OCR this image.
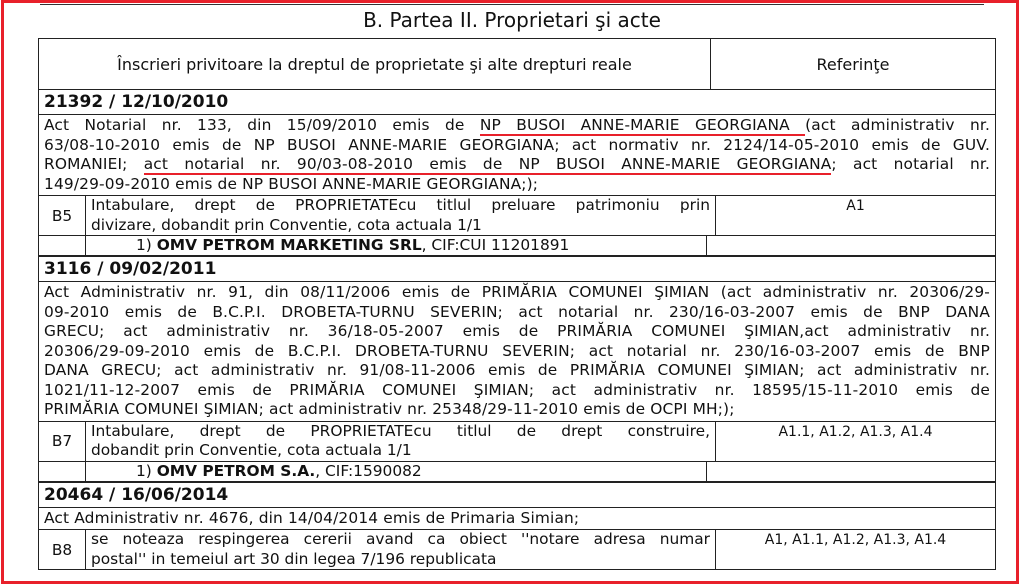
B. Partea II. Proprietari şi acte
Înscrieri privitoare la dreptul de proprietate şi alte drepturi reale	Referinţe
21392 / 12/10/2010
Act Notarial nr. 133, din 15/09/2010 emis de NP BUSOI ANNE-MARIE GEORGIANA (act administrativ nr.
63/08-10-2010 emis de NP BUSOI ANNE-MARIE GEORGIANA; act normativ nr. 2124/14-05-2010 emis de GUV.
ROMANIEI; act notarial nr. 90/03-08-2010 emis de NP BUSOI ANNE-MARIE GEORGIANA; act notarial nr.
149/29-09-2010 emis de NP BUSOI ANNE-MARIE GEORGIANA;);
B5
Intabulare, drept de PROPRIETATEcu titlul preluare patrimoniu prin
divizare, dobandit prin Conventie, cota actuala 1/1
A1
1) OMV PETROM MARKETING SRL, CIF:CUI 11201891
3116 / 09/02/2011
Act Administrativ nr. 91, din 08/11/2006 emis de PRIMĂRIA COMUNEI ŞIMIAN (act administrativ nr. 20306/29-
09-2010 emis de B.C.P.I. DROBETA-TURNU SEVERIN; act notarial nr. 230/16-03-2007 emis de BNP DANA
GRECU; act administrativ nr. 36/18-05-2007 emis de PRIMĂRIA COMUNEI ŞIMIAN,act administrativ nr.
20306/29-09-2010 emis de B.C.P.I. DROBETA-TURNU SEVERIN; act notarial nr. 230/16-03-2007 emis de BNP
DANA GRECU; act administrativ nr. 91/08-11-2006 emis de PRIMĂRIA COMUNEI ŞIMIAN; act administrativ nr.
1021/11-12-2007 emis de PRIMĂRIA COMUNEI ŞIMIAN; act administrativ nr. 18595/15-11-2010 emis de
PRIMĂRIA COMUNEI ŞIMIAN; act administrativ nr. 25348/29-11-2010 emis de OCPI MH;);
B7
Intabulare, drept de PROPRIETATEcu titlul de drept construire,
dobandit prin Conventie, cota actuala 1/1
A1.1, A1.2, A1.3, A1.4
1) OMV PETROM S.A., CIF:1590082
20464 / 16/06/2014
Act Administrativ nr. 4676, din 14/04/2014 emis de Primaria Simian;
B8
se noteaza respingerea cererii avand ca obiect ''notare adresa numar
postal'' in temeiul art 30 din legea 7/196 republicata
A1, A1.1, A1.2, A1.3, A1.4
